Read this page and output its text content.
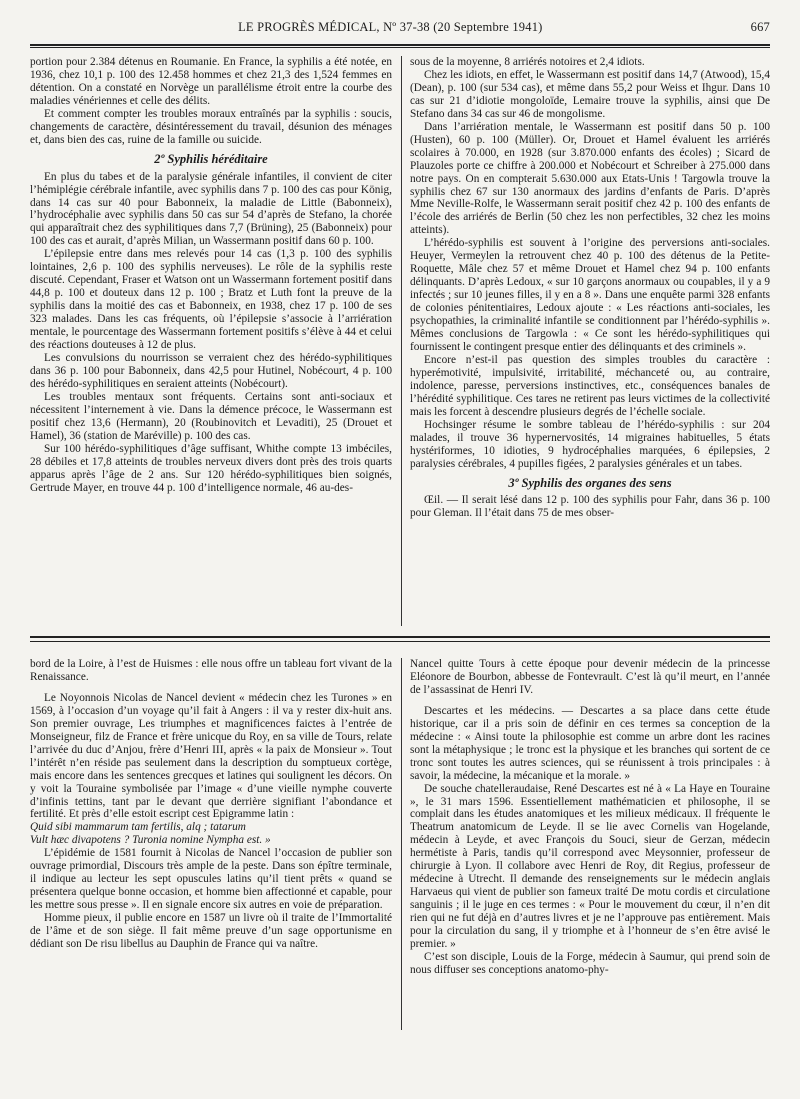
LE PROGRÈS MÉDICAL, Nº 37-38 (20 Septembre 1941)	667

portion pour 2.384 détenus en Roumanie. En France, la syphilis a été notée, en 1936, chez 10,1 p. 100 des 12.458 hommes et chez 21,3 des 1,524 femmes en détention. On a constaté en Norvège un parallélisme étroit entre la courbe des maladies vénériennes et celle des délits.

Et comment compter les troubles moraux entraînés par la syphilis : soucis, changements de caractère, désintéressement du travail, désunion des ménages et, dans bien des cas, ruine de la famille ou suicide.

2º Syphilis héréditaire

En plus du tabes et de la paralysie générale infantiles, il convient de citer l’hémiplégie cérébrale infantile, avec syphilis dans 7 p. 100 des cas pour König, dans 14 cas sur 40 pour Babonneix, la maladie de Little (Babonneix), l’hydrocéphalie avec syphilis dans 50 cas sur 54 d’après de Stefano, la chorée qui apparaîtrait chez des syphilitiques dans 7,7 (Brüning), 25 (Babonneix) pour 100 des cas et aurait, d’après Milian, un Wassermann positif dans 60 p. 100.

L’épilepsie entre dans mes relevés pour 14 cas (1,3 p. 100 des syphilis lointaines, 2,6 p. 100 des syphilis nerveuses). Le rôle de la syphilis reste discuté. Cependant, Fraser et Watson ont un Wassermann fortement positif dans 44,8 p. 100 et douteux dans 12 p. 100 ; Bratz et Luth font la preuve de la syphilis dans la moitié des cas et Babonneix, en 1938, chez 17 p. 100 de ses 323 malades. Dans les cas fréquents, où l’épilepsie s’associe à l’arriération mentale, le pourcentage des Wassermann fortement positifs s’élève à 44 et celui des réactions douteuses à 12 de plus.

Les convulsions du nourrisson se verraient chez des hérédo-syphilitiques dans 36 p. 100 pour Babonneix, dans 42,5 pour Hutinel, Nobécourt, 4 p. 100 des hérédo-syphilitiques en seraient atteints (Nobécourt).

Les troubles mentaux sont fréquents. Certains sont anti-sociaux et nécessitent l’internement à vie. Dans la démence précoce, le Wassermann est positif chez 13,6 (Hermann), 20 (Roubinovitch et Levaditi), 25 (Drouet et Hamel), 36 (station de Maréville) p. 100 des cas.

Sur 100 hérédo-syphilitiques d’âge suffisant, Whithe compte 13 imbéciles, 28 débiles et 17,8 atteints de troubles nerveux divers dont près des trois quarts apparus après l’âge de 2 ans. Sur 120 hérédo-syphilitiques bien soignés, Gertrude Mayer, en trouve 44 p. 100 d’intelligence normale, 46 au-des-

sous de la moyenne, 8 arriérés notoires et 2,4 idiots.

Chez les idiots, en effet, le Wassermann est positif dans 14,7 (Atwood), 15,4 (Dean), p. 100 (sur 534 cas), et même dans 55,2 pour Weiss et Ihgur. Dans 10 cas sur 21 d’idiotie mongoloïde, Lemaire trouve la syphilis, ainsi que De Stefano dans 34 cas sur 46 de mongolisme.

Dans l’arriération mentale, le Wassermann est positif dans 50 p. 100 (Husten), 60 p. 100 (Müller). Or, Drouet et Hamel évaluent les arriérés scolaires à 70.000, en 1928 (sur 3.870.000 enfants des écoles) ; Sicard de Plauzoles porte ce chiffre à 200.000 et Nobécourt et Schreiber à 275.000 dans notre pays. On en compterait 5.630.000 aux Etats-Unis ! Targowla trouve la syphilis chez 67 sur 130 anormaux des jardins d’enfants de Paris. D’après Mme Neville-Rolfe, le Wassermann serait positif chez 42 p. 100 des enfants de l’école des arriérés de Berlin (50 chez les non perfectibles, 32 chez les moins atteints).

L’hérédo-syphilis est souvent à l’origine des perversions anti-sociales. Heuyer, Vermeylen la retrouvent chez 40 p. 100 des détenus de la Petite-Roquette, Mâle chez 57 et même Drouet et Hamel chez 94 p. 100 enfants délinquants. D’après Ledoux, « sur 10 garçons anormaux ou coupables, il y a 9 infectés ; sur 10 jeunes filles, il y en a 8 ». Dans une enquête parmi 328 enfants de colonies pénitentiaires, Ledoux ajoute : « Les réactions anti-sociales, les psychopathies, la criminalité infantile se conditionnent par l’hérédo-syphilis ». Mêmes conclusions de Targowla : « Ce sont les hérédo-syphilitiques qui fournissent le contingent presque entier des délinquants et des criminels ».

Encore n’est-il pas question des simples troubles du caractère : hyperémotivité, impulsivité, irritabilité, méchanceté ou, au contraire, indolence, paresse, perversions instinctives, etc., conséquences banales de l’hérédité syphilitique. Ces tares ne retirent pas leurs victimes de la collectivité mais les forcent à descendre plusieurs degrés de l’échelle sociale.

Hochsinger résume le sombre tableau de l’hérédo-syphilis : sur 204 malades, il trouve 36 hypernervosités, 14 migraines habituelles, 5 états hystériformes, 10 idioties, 9 hydrocéphalies marquées, 6 épilepsies, 2 paralysies cérébrales, 4 pupilles figées, 2 paralysies générales et un tabes.

3º Syphilis des organes des sens

Œil. — Il serait lésé dans 12 p. 100 des syphilis pour Fahr, dans 36 p. 100 pour Gleman. Il l’était dans 75 de mes obser-

bord de la Loire, à l’est de Huismes : elle nous offre un tableau fort vivant de la Renaissance.

Le Noyonnois Nicolas de Nancel devient « médecin chez les Turones » en 1569, à l’occasion d’un voyage qu’il fait à Angers : il va y rester dix-huit ans. Son premier ouvrage, Les triumphes et magnificences faictes à l’entrée de Monseigneur, filz de France et frère unicque du Roy, en sa ville de Tours, relate l’arrivée du duc d’Anjou, frère d’Henri III, après « la paix de Monsieur ». Tout l’intérêt n’en réside pas seulement dans la description du somptueux cortège, mais encore dans les sentences grecques et latines qui soulignent les décors. On y voit la Touraine symbolisée par l’image « d’une vieille nymphe couverte d’infinis tettins, tant par le devant que derrière signifiant l’abondance et fertilité. Et près d’elle estoit escript cest Epigramme latin :

Quid sibi mammarum tam fertilis, alq ; tatarum

Vult hæc divapotens ? Turonia nomine Nympha est. »

L’épidémie de 1581 fournit à Nicolas de Nancel l’occasion de publier son ouvrage primordial, Discours très ample de la peste. Dans son épître terminale, il indique au lecteur les sept opuscules latins qu’il tient prêts « quand se présentera quelque bonne occasion, et homme bien affectionné et capable, pour les mettre sous presse ». Il en signale encore six autres en voie de préparation.

Homme pieux, il publie encore en 1587 un livre où il traite de l’Immortalité de l’âme et de son siège. Il fait même preuve d’un sage opportunisme en dédiant son De risu libellus au Dauphin de France qui va naître.

Nancel quitte Tours à cette époque pour devenir médecin de la princesse Eléonore de Bourbon, abbesse de Fontevrault. C’est là qu’il meurt, en l’année de l’assassinat de Henri IV.

Descartes et les médecins. — Descartes a sa place dans cette étude historique, car il a pris soin de définir en ces termes sa conception de la médecine : « Ainsi toute la philosophie est comme un arbre dont les racines sont la métaphysique ; le tronc est la physique et les branches qui sortent de ce tronc sont toutes les autres sciences, qui se réunissent à trois principales : à savoir, la médecine, la mécanique et la morale. »

De souche chatelleraudaise, René Descartes est né à « La Haye en Touraine », le 31 mars 1596. Essentiellement mathématicien et philosophe, il se complait dans les études anatomiques et les milieux médicaux. Il fréquente le Theatrum anatomicum de Leyde. Il se lie avec Cornelis van Hogelande, médecin à Leyde, et avec François du Souci, sieur de Gerzan, médecin hermétiste à Paris, tandis qu’il correspond avec Meysonnier, professeur de chirurgie à Lyon. Il collabore avec Henri de Roy, dit Regius, professeur de médecine à Utrecht. Il demande des renseignements sur le médecin anglais Harvaeus qui vient de publier son fameux traité De motu cordis et circulatione sanguinis ; il le juge en ces termes : « Pour le mouvement du cœur, il n’en dit rien qui ne fut déjà en d’autres livres et je ne l’approuve pas entièrement. Mais pour la circulation du sang, il y triomphe et à l’honneur de s’en être avisé le premier. »

C’est son disciple, Louis de la Forge, médecin à Saumur, qui prend soin de nous diffuser ses conceptions anatomo-phy-
